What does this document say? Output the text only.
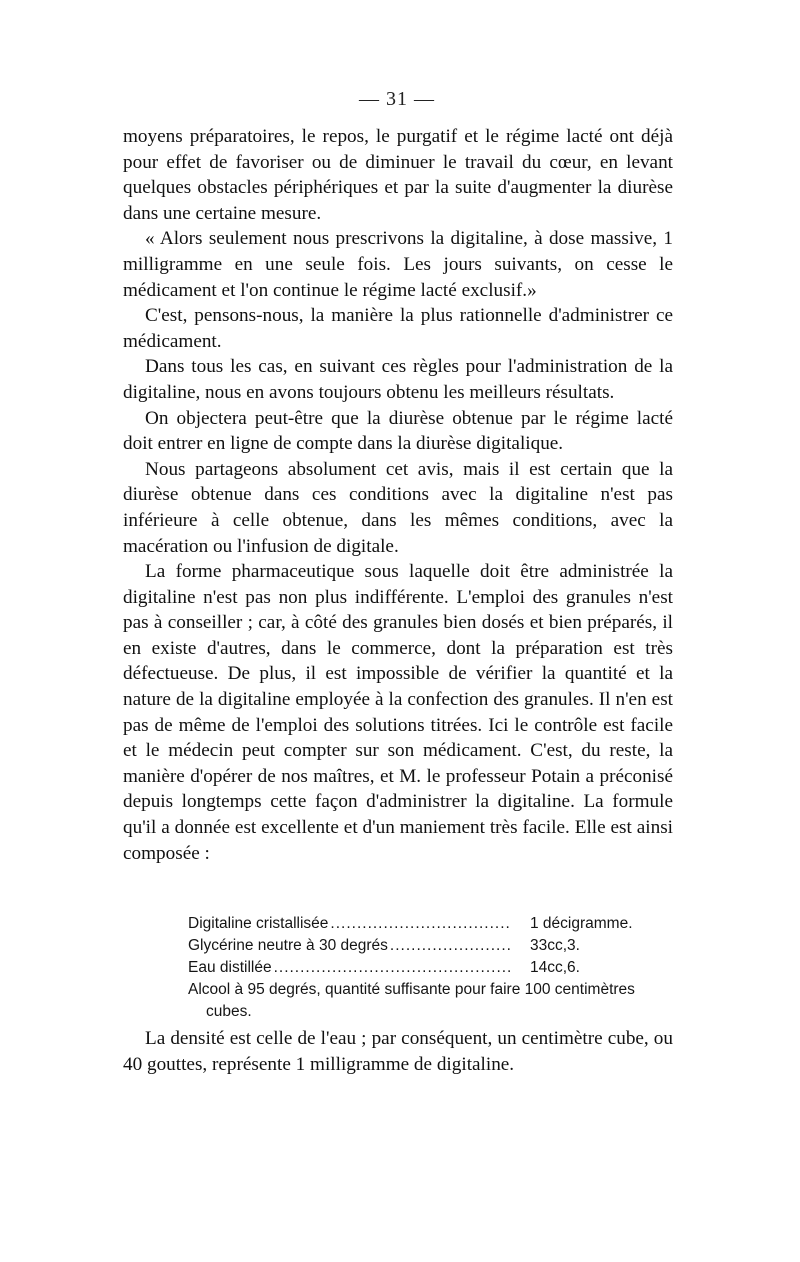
— 31 —

moyens préparatoires, le repos, le purgatif et le régime lacté ont déjà pour effet de favoriser ou de diminuer le travail du cœur, en levant quelques obstacles périphériques et par la suite d'augmenter la diurèse dans une certaine mesure.

« Alors seulement nous prescrivons la digitaline, à dose massive, 1 milligramme en une seule fois. Les jours suivants, on cesse le médicament et l'on continue le régime lacté exclusif.»

C'est, pensons-nous, la manière la plus rationnelle d'administrer ce médicament.

Dans tous les cas, en suivant ces règles pour l'administration de la digitaline, nous en avons toujours obtenu les meilleurs résultats.

On objectera peut-être que la diurèse obtenue par le régime lacté doit entrer en ligne de compte dans la diurèse digitalique.

Nous partageons absolument cet avis, mais il est certain que la diurèse obtenue dans ces conditions avec la digitaline n'est pas inférieure à celle obtenue, dans les mêmes conditions, avec la macération ou l'infusion de digitale.

La forme pharmaceutique sous laquelle doit être administrée la digitaline n'est pas non plus indifférente. L'emploi des granules n'est pas à conseiller ; car, à côté des granules bien dosés et bien préparés, il en existe d'autres, dans le commerce, dont la préparation est très défectueuse. De plus, il est impossible de vérifier la quantité et la nature de la digitaline employée à la confection des granules. Il n'en est pas de même de l'emploi des solutions titrées. Ici le contrôle est facile et le médecin peut compter sur son médicament. C'est, du reste, la manière d'opérer de nos maîtres, et M. le professeur Potain a préconisé depuis longtemps cette façon d'administrer la digitaline. La formule qu'il a donnée est excellente et d'un maniement très facile. Elle est ainsi composée :

Digitaline cristallisée .....	1 décigramme.
Glycérine neutre à 30 degrés .....	33cc,3.
Eau distillée .....	14cc,6.
Alcool à 95 degrés, quantité suffisante pour faire 100 centimètres
cubes.

La densité est celle de l'eau ; par conséquent, un centimètre cube, ou 40 gouttes, représente 1 milligramme de digitaline.
